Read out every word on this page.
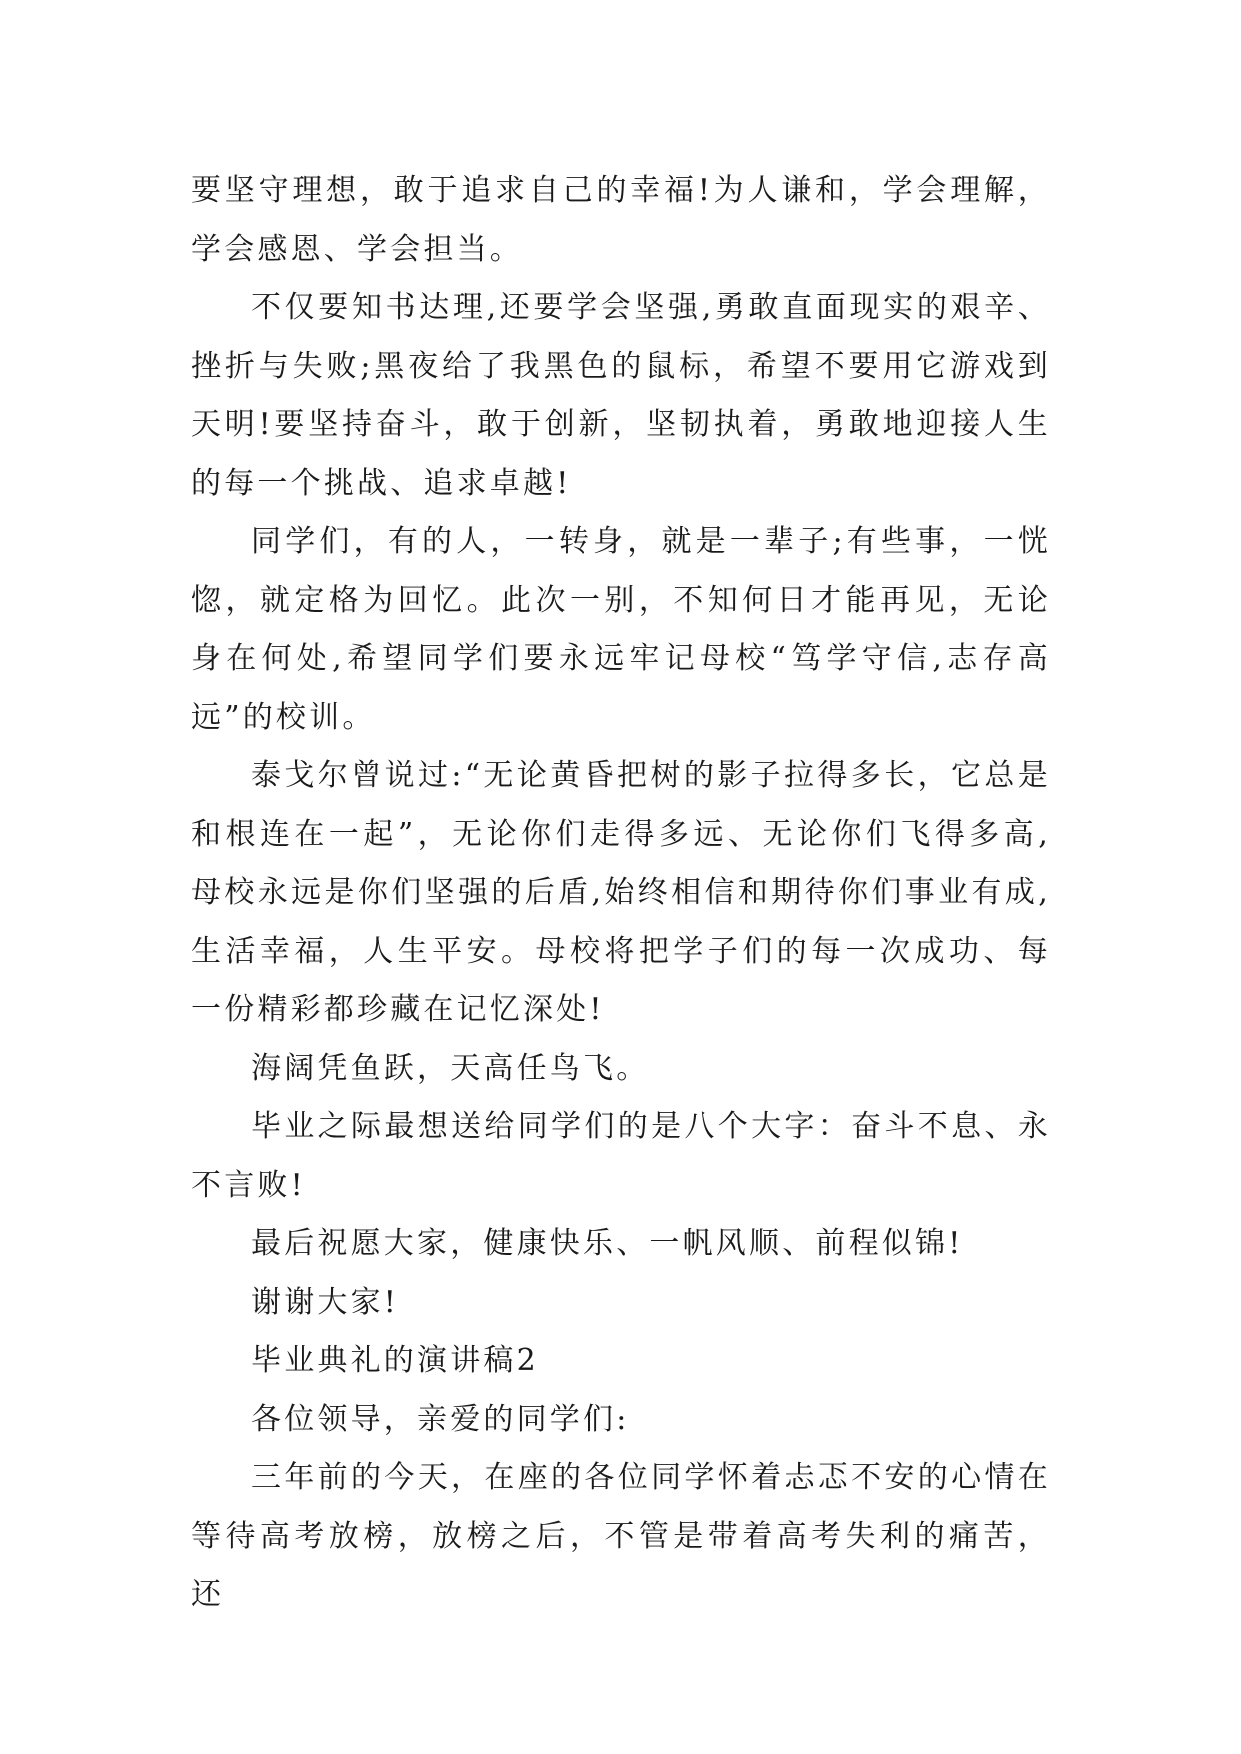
要坚守理想，敢于追求自己的幸福!为人谦和，学会理解，学会感恩、学会担当。

不仅要知书达理,还要学会坚强,勇敢直面现实的艰辛、挫折与失败;黑夜给了我黑色的鼠标，希望不要用它游戏到天明!要坚持奋斗，敢于创新，坚韧执着，勇敢地迎接人生的每一个挑战、追求卓越!

同学们，有的人，一转身，就是一辈子;有些事，一恍惚，就定格为回忆。此次一别，不知何日才能再见，无论身在何处,希望同学们要永远牢记母校“笃学守信,志存高远”的校训。

泰戈尔曾说过:“无论黄昏把树的影子拉得多长，它总是和根连在一起”，无论你们走得多远、无论你们飞得多高,母校永远是你们坚强的后盾,始终相信和期待你们事业有成,生活幸福，人生平安。母校将把学子们的每一次成功、每一份精彩都珍藏在记忆深处!

海阔凭鱼跃，天高任鸟飞。

毕业之际最想送给同学们的是八个大字：奋斗不息、永不言败!

最后祝愿大家，健康快乐、一帆风顺、前程似锦!

谢谢大家!

毕业典礼的演讲稿2

各位领导，亲爱的同学们:

三年前的今天，在座的各位同学怀着忐忑不安的心情在等待高考放榜，放榜之后，不管是带着高考失利的痛苦，还
